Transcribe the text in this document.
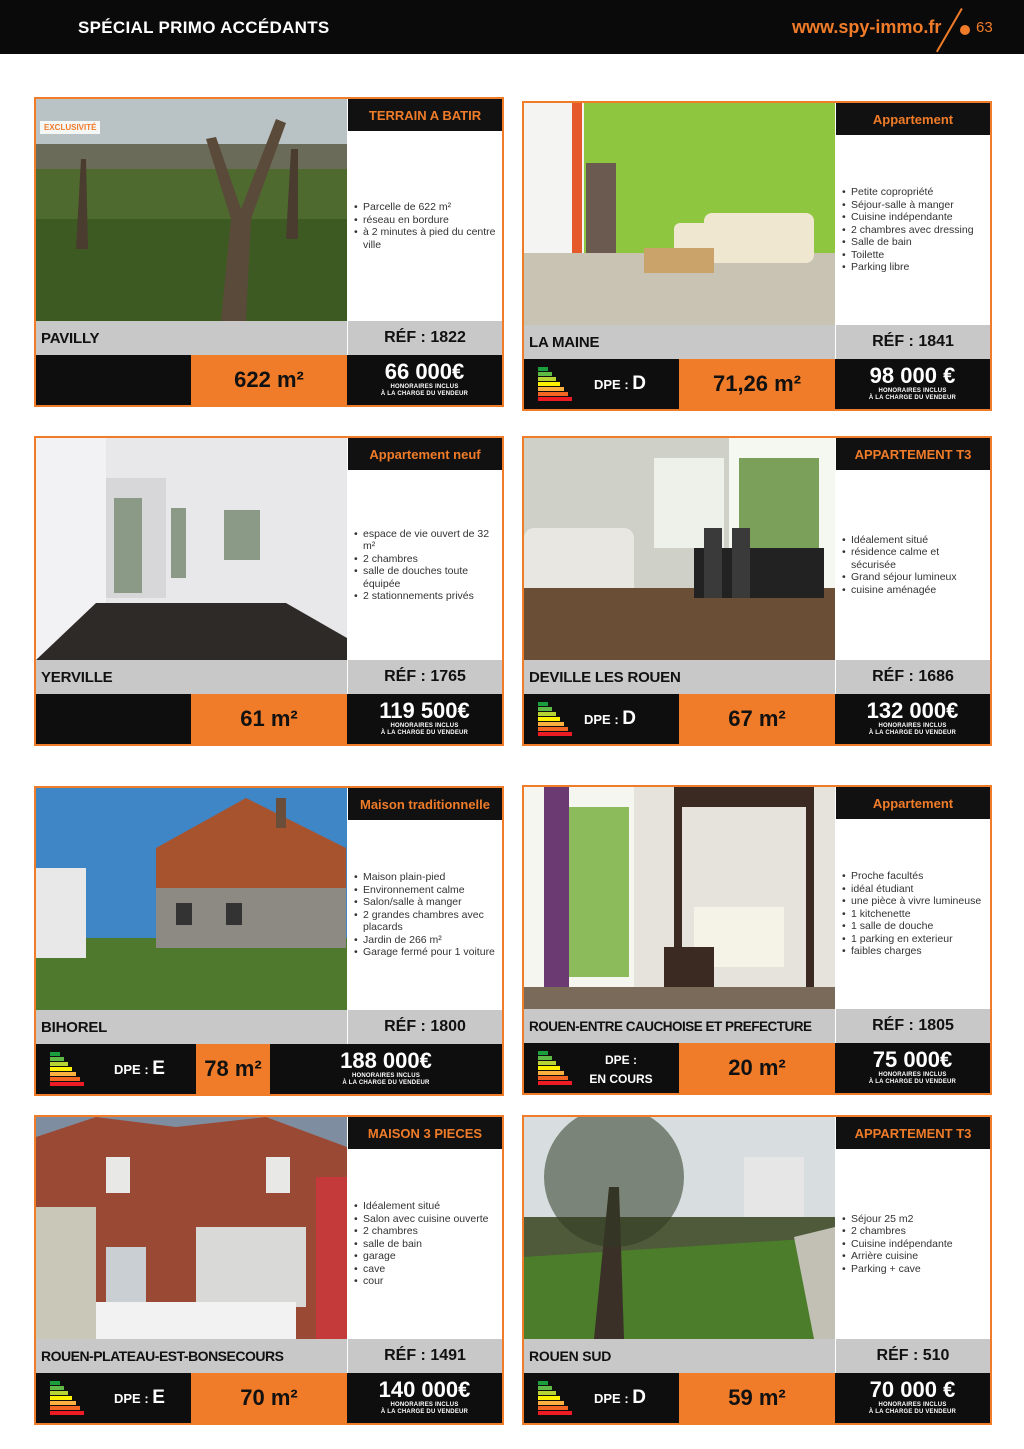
SPÉCIAL PRIMO ACCÉDANTS	www.spy-immo.fr 63
EXCLUSIVITÉ
TERRAIN A BATIR
• Parcelle de 622 m²
• réseau en bordure
• à 2 minutes à pied du centre ville
PAVILLY	RÉF : 1822
622 m²	66 000€
HONORAIRES INCLUS
À LA CHARGE DU VENDEUR
Appartement
• Petite copropriété
• Séjour-salle à manger
• Cuisine indépendante
• 2 chambres avec dressing
• Salle de bain
• Toilette
• Parking libre
LA MAINE	RÉF : 1841
DPE : D	71,26 m²	98 000 €
HONORAIRES INCLUS
À LA CHARGE DU VENDEUR
Appartement neuf
• espace de vie ouvert de 32 m²
• 2 chambres
• salle de douches toute équipée
• 2 stationnements privés
YERVILLE	RÉF : 1765
61 m²	119 500€
HONORAIRES INCLUS
À LA CHARGE DU VENDEUR
APPARTEMENT T3
• Idéalement situé
• résidence calme et sécurisée
• Grand séjour lumineux
• cuisine aménagée
DEVILLE LES ROUEN	RÉF : 1686
DPE : D	67 m²	132 000€
HONORAIRES INCLUS
À LA CHARGE DU VENDEUR
Maison traditionnelle
• Maison plain-pied
• Environnement calme
• Salon/salle à manger
• 2 grandes chambres avec placards
• Jardin de 266 m²
• Garage fermé pour 1 voiture
BIHOREL	RÉF : 1800
DPE : E	78 m²	188 000€
HONORAIRES INCLUS
À LA CHARGE DU VENDEUR
Appartement
• Proche facultés
• idéal étudiant
• une pièce à vivre lumineuse
• 1 kitchenette
• 1 salle de douche
• 1 parking en exterieur
• faibles charges
ROUEN-ENTRE CAUCHOISE ET PREFECTURE	RÉF : 1805
DPE :
EN COURS	20 m²	75 000€
HONORAIRES INCLUS
À LA CHARGE DU VENDEUR
MAISON 3 PIECES
• Idéalement situé
• Salon avec cuisine ouverte
• 2 chambres
• salle de bain
• garage
• cave
• cour
ROUEN-PLATEAU-EST-BONSECOURS	RÉF : 1491
DPE : E	70 m²	140 000€
HONORAIRES INCLUS
À LA CHARGE DU VENDEUR
APPARTEMENT T3
• Séjour 25 m2
• 2 chambres
• Cuisine indépendante
• Arrière cuisine
• Parking + cave
ROUEN SUD	RÉF : 510
DPE : D	59 m²	70 000 €
HONORAIRES INCLUS
À LA CHARGE DU VENDEUR
